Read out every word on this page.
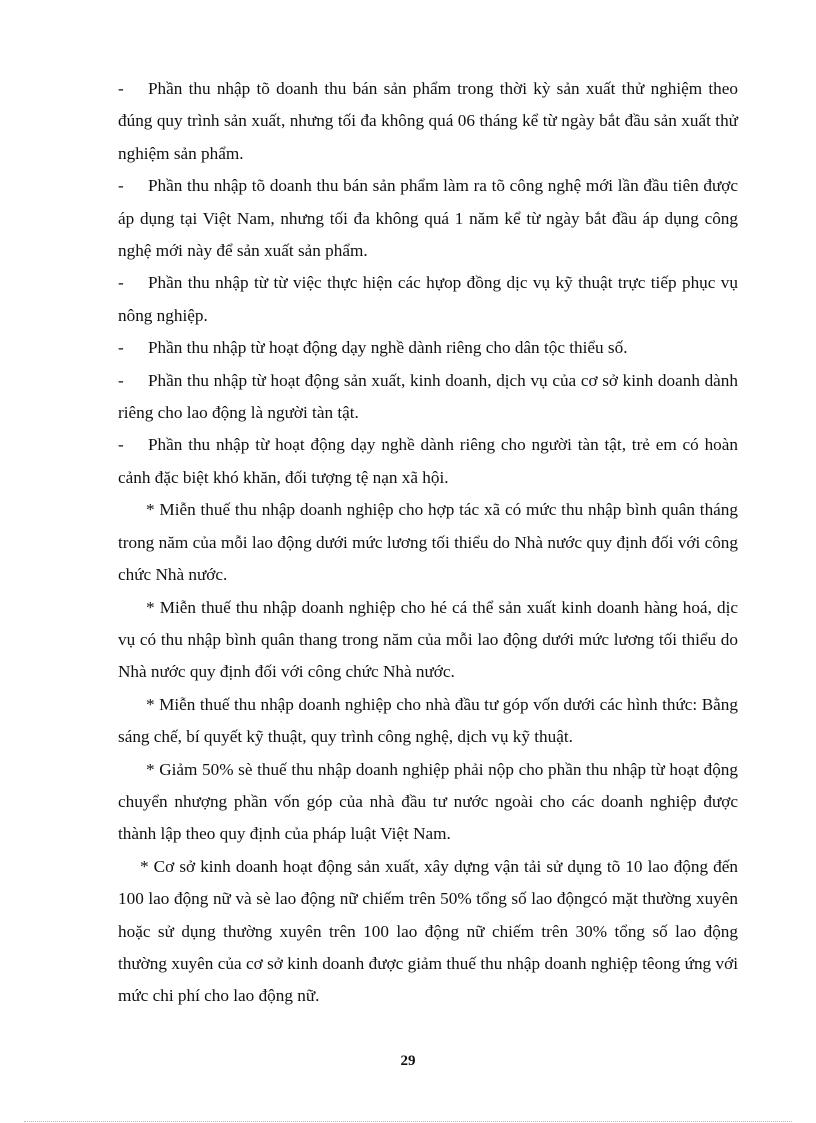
- Phần thu nhập tõ doanh thu bán sản phẩm trong thời kỳ sản xuất thử nghiệm theo đúng quy trình sản xuất, nhưng tối đa không quá 06 tháng kể từ ngày bắt đầu sản xuất thử nghiệm sản phẩm.

- Phần thu nhập tõ doanh thu bán sản phẩm làm ra tõ công nghệ mới lần đầu tiên được áp dụng tại Việt Nam, nhưng tối đa không quá 1 năm kể từ ngày bắt đầu áp dụng công nghệ mới này để sản xuất sản phẩm.

- Phần thu nhập từ từ việc thực hiện các hựop đồng dịc vụ kỹ thuật trực tiếp phục vụ nông nghiệp.

- Phần thu nhập từ hoạt động dạy nghề dành riêng cho dân tộc thiểu số.

- Phần thu nhập từ hoạt động sản xuất, kinh doanh, dịch vụ của cơ sở kinh doanh dành riêng cho lao động là người tàn tật.

- Phần thu nhập từ hoạt động dạy nghề dành riêng cho người tàn tật, trẻ em có hoàn cảnh đặc biệt khó khăn, đối tượng tệ nạn xã hội.

* Miễn thuế thu nhập doanh nghiệp cho hợp tác xã có mức thu nhập bình quân tháng trong năm của mỗi lao động dưới mức lương tối thiểu do Nhà nước quy định đối với công chức Nhà nước.

* Miễn thuế thu nhập doanh nghiệp cho hé cá thể sản xuất kinh doanh hàng hoá, dịc vụ có thu nhập bình quân thang trong năm của mỗi lao động dưới mức lương tối thiểu do Nhà nước quy định đối với công chức Nhà nước.

* Miễn thuế thu nhập doanh nghiệp cho nhà đầu tư góp vốn dưới các hình thức: Bằng sáng chế, bí quyết kỹ thuật, quy trình công nghệ, dịch vụ kỹ thuật.

* Giảm 50% sè thuế thu nhập doanh nghiệp phải nộp cho phần thu nhập từ hoạt động chuyển nhượng phần vốn góp của nhà đầu tư nước ngoài cho các doanh nghiệp được thành lập theo quy định của pháp luật Việt Nam.

* Cơ sở kinh doanh hoạt động sản xuất, xây dựng vận tải sử dụng tõ 10 lao động đến 100 lao động nữ và sè lao động nữ chiếm trên 50% tổng số lao độngcó mặt thường xuyên hoặc sử dụng thường xuyên trên 100 lao động nữ chiếm trên 30% tổng số lao động thường xuyên của cơ sở kinh doanh được giảm thuế thu nhập doanh nghiệp têong ứng với mức chi phí cho lao động nữ.

29
